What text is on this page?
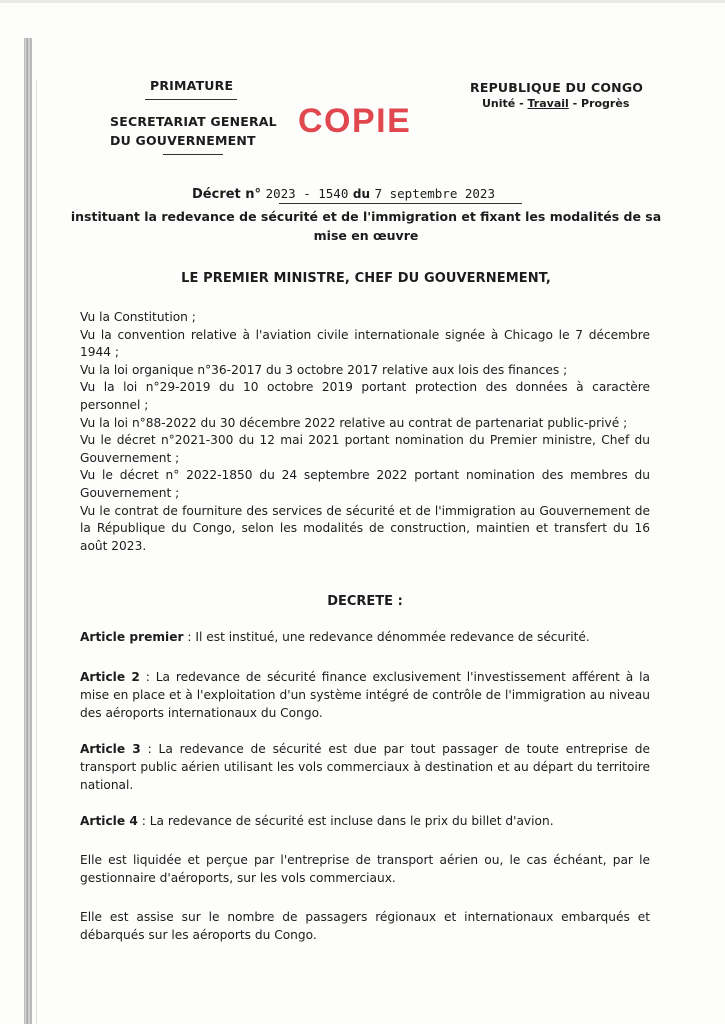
PRIMATURE
SECRETARIAT GENERAL
DU GOUVERNEMENT
REPUBLIQUE DU CONGO
Unité - Travail - Progrès
COPIE
Décret n° 2023 - 1540 du 7 septembre 2023
instituant la redevance de sécurité et de l'immigration et fixant les modalités de sa mise en œuvre
LE PREMIER MINISTRE, CHEF DU GOUVERNEMENT,

Vu la Constitution ;

Vu la convention relative à l'aviation civile internationale signée à Chicago le 7 décembre 1944 ;

Vu la loi organique n°36-2017 du 3 octobre 2017 relative aux lois des finances ;

Vu la loi n°29-2019 du 10 octobre 2019 portant protection des données à caractère personnel ;

Vu la loi n°88-2022 du 30 décembre 2022 relative au contrat de partenariat public-privé ;

Vu le décret n°2021-300 du 12 mai 2021 portant nomination du Premier ministre, Chef du Gouvernement ;

Vu le décret n° 2022-1850 du 24 septembre 2022 portant nomination des membres du Gouvernement ;

Vu le contrat de fourniture des services de sécurité et de l'immigration au Gouvernement de la République du Congo, selon les modalités de construction, maintien et transfert du 16 août 2023.

DECRETE :

Article premier : Il est institué, une redevance dénommée redevance de sécurité.

Article 2 : La redevance de sécurité finance exclusivement l'investissement afférent à la mise en place et à l'exploitation d'un système intégré de contrôle de l'immigration au niveau des aéroports internationaux du Congo.

Article 3 : La redevance de sécurité est due par tout passager de toute entreprise de transport public aérien utilisant les vols commerciaux à destination et au départ du territoire national.

Article 4 : La redevance de sécurité est incluse dans le prix du billet d'avion.

Elle est liquidée et perçue par l'entreprise de transport aérien ou, le cas échéant, par le gestionnaire d'aéroports, sur les vols commerciaux.

Elle est assise sur le nombre de passagers régionaux et internationaux embarqués et débarqués sur les aéroports du Congo.
